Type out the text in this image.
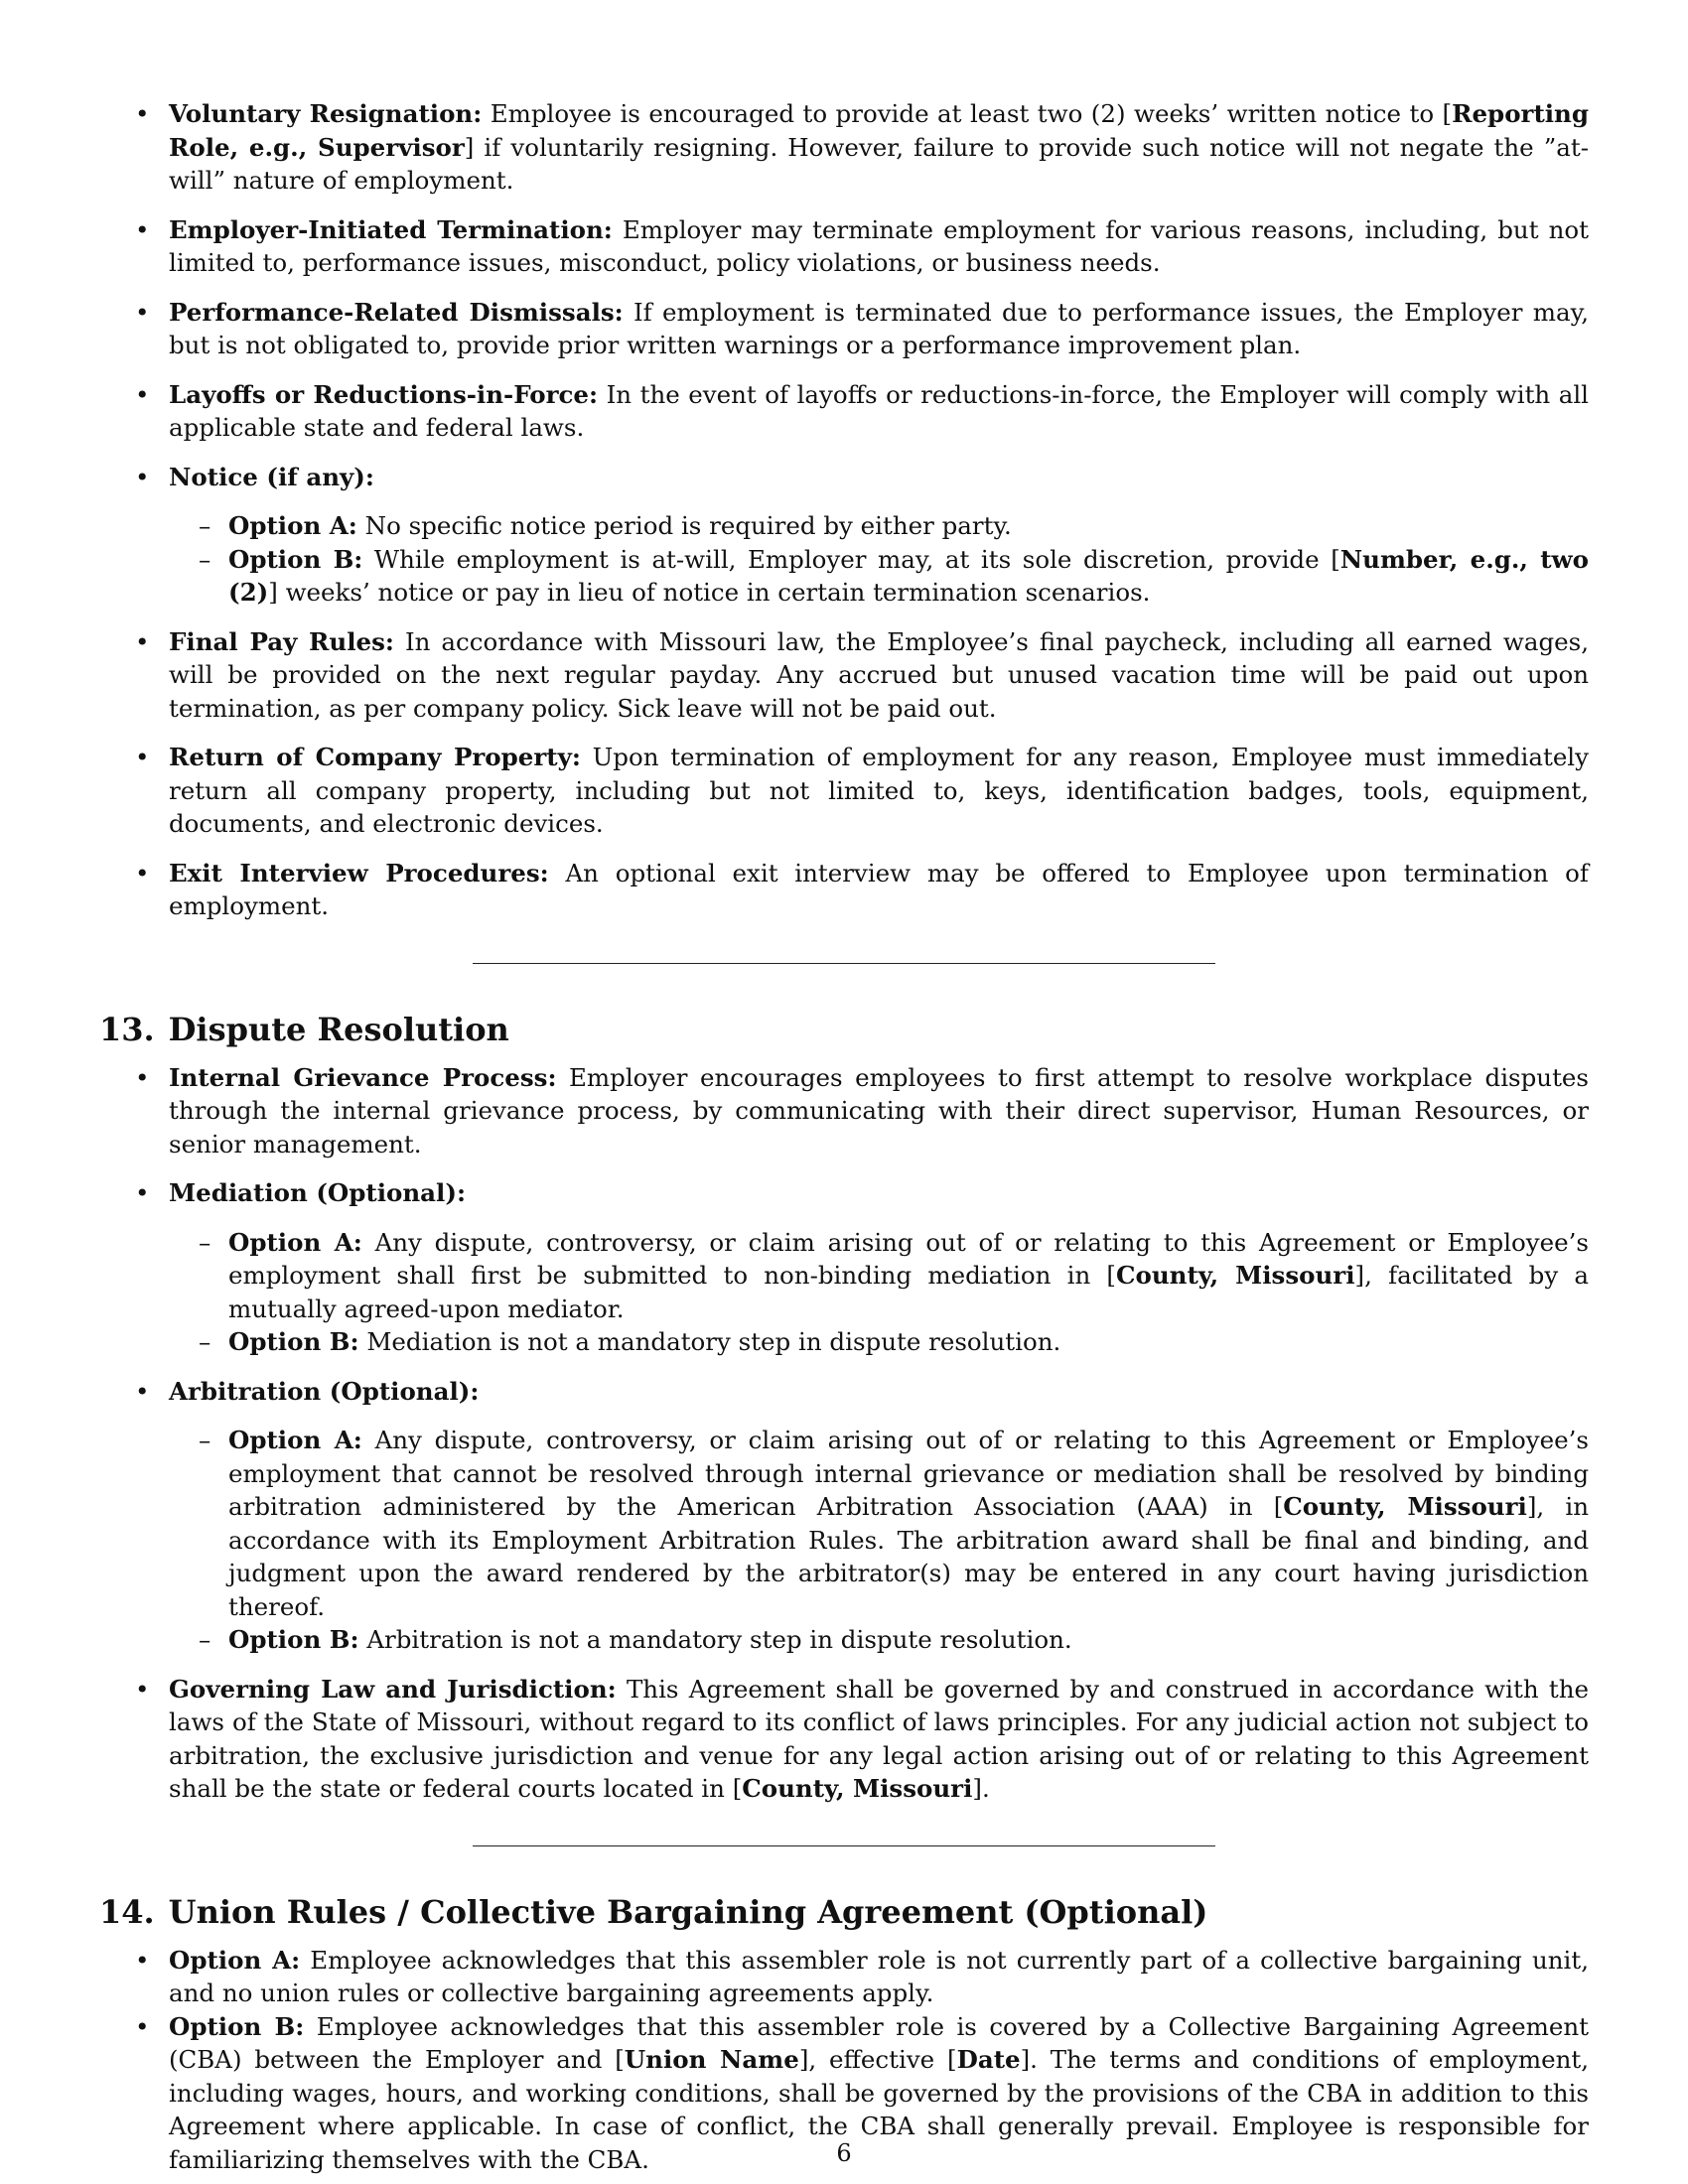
• Voluntary Resignation: Employee is encouraged to provide at least two (2) weeks’ written notice to [Reporting Role, e.g., Supervisor] if voluntarily resigning. However, failure to provide such notice will not negate the ”at-will” nature of employment.
• Employer-Initiated Termination: Employer may terminate employment for various reasons, including, but not limited to, performance issues, misconduct, policy violations, or business needs.
• Performance-Related Dismissals: If employment is terminated due to performance issues, the Employer may, but is not obligated to, provide prior written warnings or a performance improvement plan.
• Layoffs or Reductions-in-Force: In the event of layoffs or reductions-in-force, the Employer will comply with all applicable state and federal laws.
• Notice (if any):
– Option A: No specific notice period is required by either party.
– Option B: While employment is at-will, Employer may, at its sole discretion, provide [Number, e.g., two (2)] weeks’ notice or pay in lieu of notice in certain termination scenarios.
• Final Pay Rules: In accordance with Missouri law, the Employee’s final paycheck, including all earned wages, will be provided on the next regular payday. Any accrued but unused vacation time will be paid out upon termination, as per company policy. Sick leave will not be paid out.
• Return of Company Property: Upon termination of employment for any reason, Employee must immediately return all company property, including but not limited to, keys, identification badges, tools, equipment, documents, and electronic devices.
• Exit Interview Procedures: An optional exit interview may be offered to Employee upon termination of employment.
13. Dispute Resolution
• Internal Grievance Process: Employer encourages employees to first attempt to resolve workplace disputes through the internal grievance process, by communicating with their direct supervisor, Human Resources, or senior management.
• Mediation (Optional):
– Option A: Any dispute, controversy, or claim arising out of or relating to this Agreement or Employee’s employment shall first be submitted to non-binding mediation in [County, Missouri], facilitated by a mutually agreed-upon mediator.
– Option B: Mediation is not a mandatory step in dispute resolution.
• Arbitration (Optional):
– Option A: Any dispute, controversy, or claim arising out of or relating to this Agreement or Employee’s employment that cannot be resolved through internal grievance or mediation shall be resolved by binding arbitration administered by the American Arbitration Association (AAA) in [County, Missouri], in accordance with its Employment Arbitration Rules. The arbitration award shall be final and binding, and judgment upon the award rendered by the arbitrator(s) may be entered in any court having jurisdiction thereof.
– Option B: Arbitration is not a mandatory step in dispute resolution.
• Governing Law and Jurisdiction: This Agreement shall be governed by and construed in accordance with the laws of the State of Missouri, without regard to its conflict of laws principles. For any judicial action not subject to arbitration, the exclusive jurisdiction and venue for any legal action arising out of or relating to this Agreement shall be the state or federal courts located in [County, Missouri].
14. Union Rules / Collective Bargaining Agreement (Optional)
• Option A: Employee acknowledges that this assembler role is not currently part of a collective bargaining unit, and no union rules or collective bargaining agreements apply.
• Option B: Employee acknowledges that this assembler role is covered by a Collective Bargaining Agreement (CBA) between the Employer and [Union Name], effective [Date]. The terms and conditions of employment, including wages, hours, and working conditions, shall be governed by the provisions of the CBA in addition to this Agreement where applicable. In case of conflict, the CBA shall generally prevail. Employee is responsible for familiarizing themselves with the CBA.	6
